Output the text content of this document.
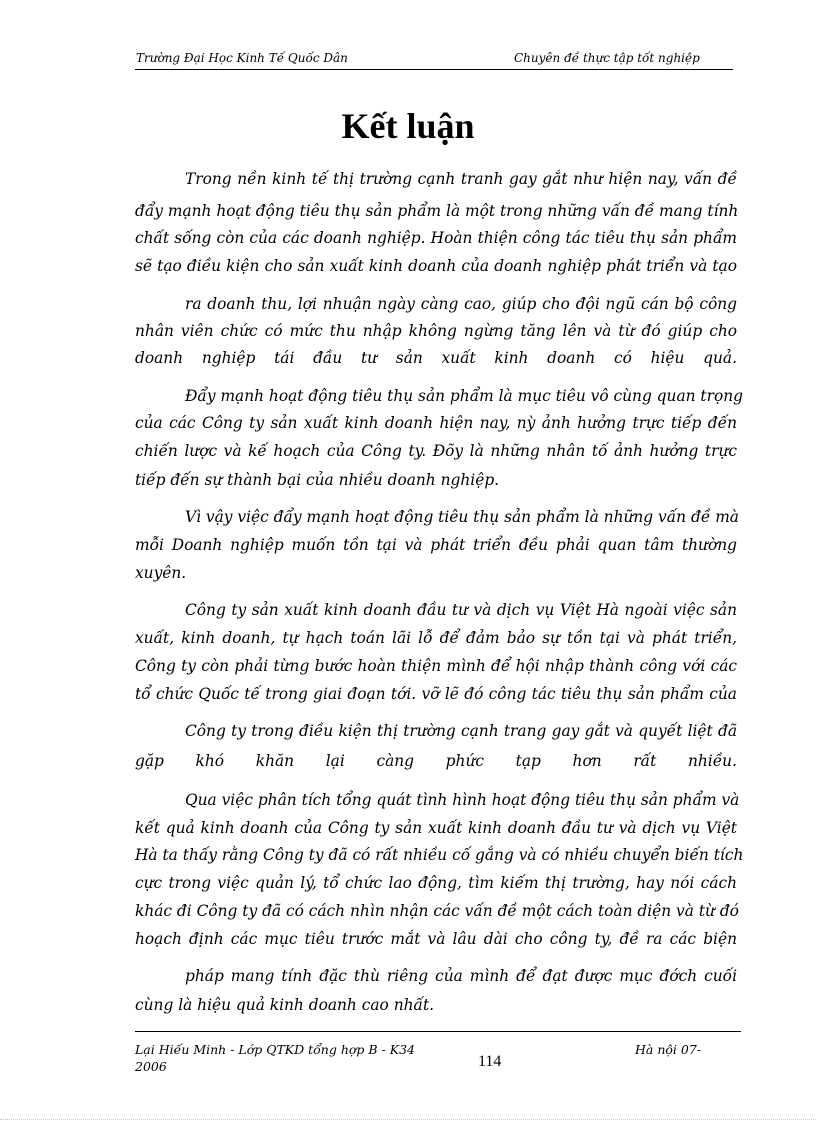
Trường Đại Học Kinh Tế Quốc Dân	Chuyên đề thực tập tốt nghiệp
Kết luận

Trong nền kinh tế thị trường cạnh tranh gay gắt như hiện nay, vấn đề

đẩy mạnh hoạt động tiêu thụ sản phẩm là một trong những vấn đề mang tính

chất sống còn của các doanh nghiệp. Hoàn thiện công tác tiêu thụ sản phẩm

sẽ tạo điều kiện cho sản xuất kinh doanh của doanh nghiệp phát triển và tạo

ra doanh thu, lợi nhuận ngày càng cao, giúp cho đội ngũ cán bộ công

nhân viên chức có mức thu nhập không ngừng tăng lên và từ đó giúp cho

doanh nghiệp tái đầu tư sản xuất kinh doanh có hiệu quả.

Đẩy mạnh hoạt động tiêu thụ sản phẩm là mục tiêu vô cùng quan trọng

của các Công ty sản xuất kinh doanh hiện nay, nỳ ảnh hưởng trực tiếp đến

chiến lược và kế hoạch của Công ty. Đõy là những nhân tố ảnh hưởng trực

tiếp đến sự thành bại của nhiều doanh nghiệp.

Vì vậy việc đẩy mạnh hoạt động tiêu thụ sản phẩm là những vấn đề mà

mỗi Doanh nghiệp muốn tồn tại và phát triển đều phải quan tâm thường

xuyên.

Công ty sản xuất kinh doanh đầu tư và dịch vụ Việt Hà ngoài việc sản

xuất, kinh doanh, tự hạch toán lãi lỗ để đảm bảo sự tồn tại và phát triển,

Công ty còn phải từng bước hoàn thiện mình để hội nhập thành công với các

tổ chức Quốc tế trong giai đoạn tới. vỡ lẽ đó công tác tiêu thụ sản phẩm của

Công ty trong điều kiện thị trường cạnh trang gay gắt và quyết liệt đã

gặp khó khăn lại càng phức tạp hơn rất nhiều.

Qua việc phân tích tổng quát tình hình hoạt động tiêu thụ sản phẩm và

kết quả kinh doanh của Công ty sản xuất kinh doanh đầu tư và dịch vụ Việt

Hà ta thấy rằng Công ty đã có rất nhiều cố gắng và có nhiều chuyển biến tích

cực trong việc quản lý, tổ chức lao động, tìm kiếm thị trường, hay nói cách

khác đi Công ty đã có cách nhìn nhận các vấn đề một cách toàn diện và từ đó

hoạch định các mục tiêu trước mắt và lâu dài cho công ty, đề ra các biện

pháp mang tính đặc thù riêng của mình để đạt được mục đớch cuối

cùng là hiệu quả kinh doanh cao nhất.

Lại Hiếu Minh - Lớp QTKD tổng hợp B - K34
2006	114
Hà nội 07-
